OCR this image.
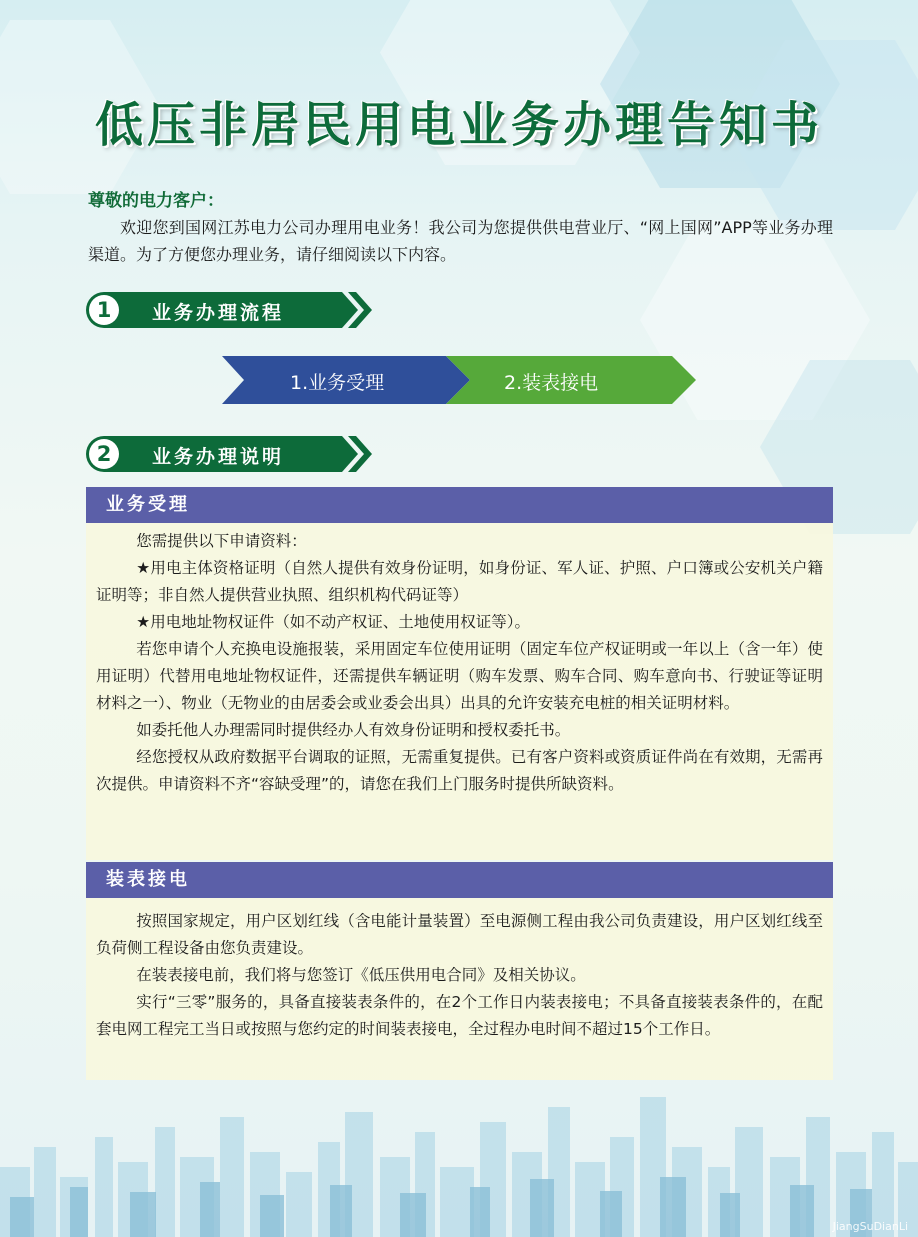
低压非居民用电业务办理告知书
尊敬的电力客户：
欢迎您到国网江苏电力公司办理用电业务！我公司为您提供供电营业厅、“网上国网”APP等业务办理渠道。为了方便您办理业务，请仔细阅读以下内容。
1	业务办理流程
1.业务受理	2.装表接电
2	业务办理说明
业务受理

您需提供以下申请资料：

★用电主体资格证明（自然人提供有效身份证明，如身份证、军人证、护照、户口簿或公安机关户籍证明等；非自然人提供营业执照、组织机构代码证等）

★用电地址物权证件（如不动产权证、土地使用权证等）。

若您申请个人充换电设施报装，采用固定车位使用证明（固定车位产权证明或一年以上（含一年）使用证明）代替用电地址物权证件，还需提供车辆证明（购车发票、购车合同、购车意向书、行驶证等证明材料之一）、物业（无物业的由居委会或业委会出具）出具的允许安装充电桩的相关证明材料。

如委托他人办理需同时提供经办人有效身份证明和授权委托书。

经您授权从政府数据平台调取的证照，无需重复提供。已有客户资料或资质证件尚在有效期，无需再次提供。申请资料不齐“容缺受理”的，请您在我们上门服务时提供所缺资料。

装表接电

按照国家规定，用户区划红线（含电能计量装置）至电源侧工程由我公司负责建设，用户区划红线至负荷侧工程设备由您负责建设。

在装表接电前，我们将与您签订《低压供用电合同》及相关协议。

实行“三零”服务的，具备直接装表条件的，在2个工作日内装表接电；不具备直接装表条件的，在配套电网工程完工当日或按照与您约定的时间装表接电，全过程办电时间不超过15个工作日。

JiangSuDianLi
